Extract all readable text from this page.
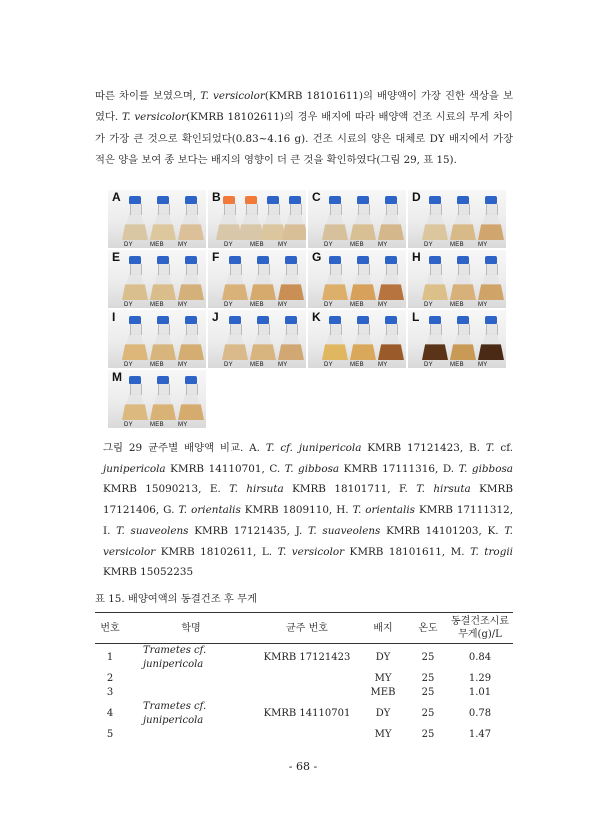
따른 차이를 보였으며, T. versicolor(KMRB 18101611)의 배양액이 가장 진한 색상을 보였다. T. versicolor(KMRB 18102611)의 경우 배지에 따라 배양액 건조 시료의 무게 차이가 가장 큰 것으로 확인되었다(0.83~4.16 g). 건조 시료의 양은 대체로 DY 배지에서 가장 적은 양을 보여 종 보다는 배지의 영향이 더 큰 것을 확인하였다(그림 29, 표 15).

A
DY	MEB MY
B
DY	MEB MY
C
DY	MEB MY
D
DY	MEB MY
E
DY	MEB MY
F
DY	MEB MY
G
DY	MEB MY
H
DY	MEB MY
I
DY	MEB MY
J
DY	MEB MY
K
DY	MEB MY
L
DY	MEB MY
M
DY	MEB MY

그림 29 균주별 배양액 비교. A. T. cf. junipericola KMRB 17121423, B. T. cf. junipericola KMRB 14110701, C. T. gibbosa KMRB 17111316, D. T. gibbosa KMRB 15090213, E. T. hirsuta KMRB 18101711, F. T. hirsuta KMRB 17121406, G. T. orientalis KMRB 1809110, H. T. orientalis KMRB 17111312, I. T. suaveolens KMRB 17121435, J. T. suaveolens KMRB 14101203, K. T. versicolor KMRB 18102611, L. T. versicolor KMRB 18101611, M. T. trogii KMRB 15052235

표 15. 배양여액의 동결건조 후 무게

번호	학명	균주 번호	배지	온도	동결건조시료
무게(g)/L
1	Trametes cf. junipericola	KMRB 17121423	DY	25	0.84
2			MY	25	1.29
3			MEB	25	1.01
4	Trametes cf. junipericola	KMRB 14110701	DY	25	0.78
5			MY	25	1.47
- 68 -
